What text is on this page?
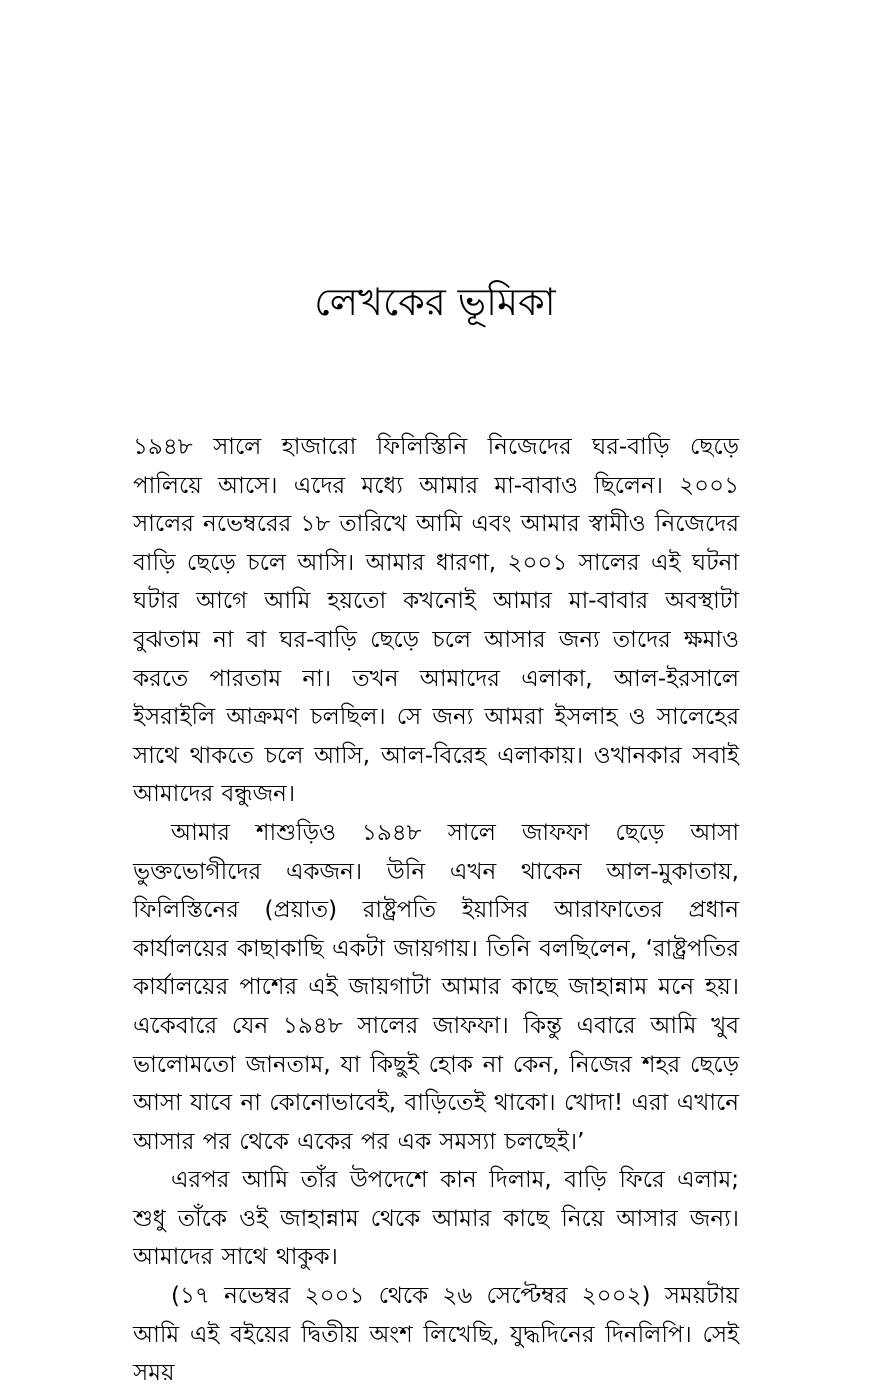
লেখকের ভূমিকা

১৯৪৮ সালে হাজারো ফিলিস্তিনি নিজেদের ঘর-বাড়ি ছেড়ে পালিয়ে আসে। এদের মধ্যে আমার মা-বাবাও ছিলেন। ২০০১ সালের নভেম্বরের ১৮ তারিখে আমি এবং আমার স্বামীও নিজেদের বাড়ি ছেড়ে চলে আসি। আমার ধারণা, ২০০১ সালের এই ঘটনা ঘটার আগে আমি হয়তো কখনোই আমার মা-বাবার অবস্থাটা বুঝতাম না বা ঘর-বাড়ি ছেড়ে চলে আসার জন্য তাদের ক্ষমাও করতে পারতাম না। তখন আমাদের এলাকা, আল-ইরসালে ইসরাইলি আক্রমণ চলছিল। সে জন্য আমরা ইসলাহ ও সালেহের সাথে থাকতে চলে আসি, আল-বিরেহ এলাকায়। ওখানকার সবাই আমাদের বন্ধুজন।

আমার শাশুড়িও ১৯৪৮ সালে জাফফা ছেড়ে আসা ভুক্তভোগীদের একজন। উনি এখন থাকেন আল-মুকাতায়, ফিলিস্তিনের (প্রয়াত) রাষ্ট্রপতি ইয়াসির আরাফাতের প্রধান কার্যালয়ের কাছাকাছি একটা জায়গায়। তিনি বলছিলেন, ‘রাষ্ট্রপতির কার্যালয়ের পাশের এই জায়গাটা আমার কাছে জাহান্নাম মনে হয়। একেবারে যেন ১৯৪৮ সালের জাফফা। কিন্তু এবারে আমি খুব ভালোমতো জানতাম, যা কিছুই হোক না কেন, নিজের শহর ছেড়ে আসা যাবে না কোনোভাবেই, বাড়িতেই থাকো। খোদা! এরা এখানে আসার পর থেকে একের পর এক সমস্যা চলছেই।’

এরপর আমি তাঁর উপদেশে কান দিলাম, বাড়ি ফিরে এলাম; শুধু তাঁকে ওই জাহান্নাম থেকে আমার কাছে নিয়ে আসার জন্য। আমাদের সাথে থাকুক।

(১৭ নভেম্বর ২০০১ থেকে ২৬ সেপ্টেম্বর ২০০২) সময়টায় আমি এই বইয়ের দ্বিতীয় অংশ লিখেছি, যুদ্ধদিনের দিনলিপি। সেই সময়
